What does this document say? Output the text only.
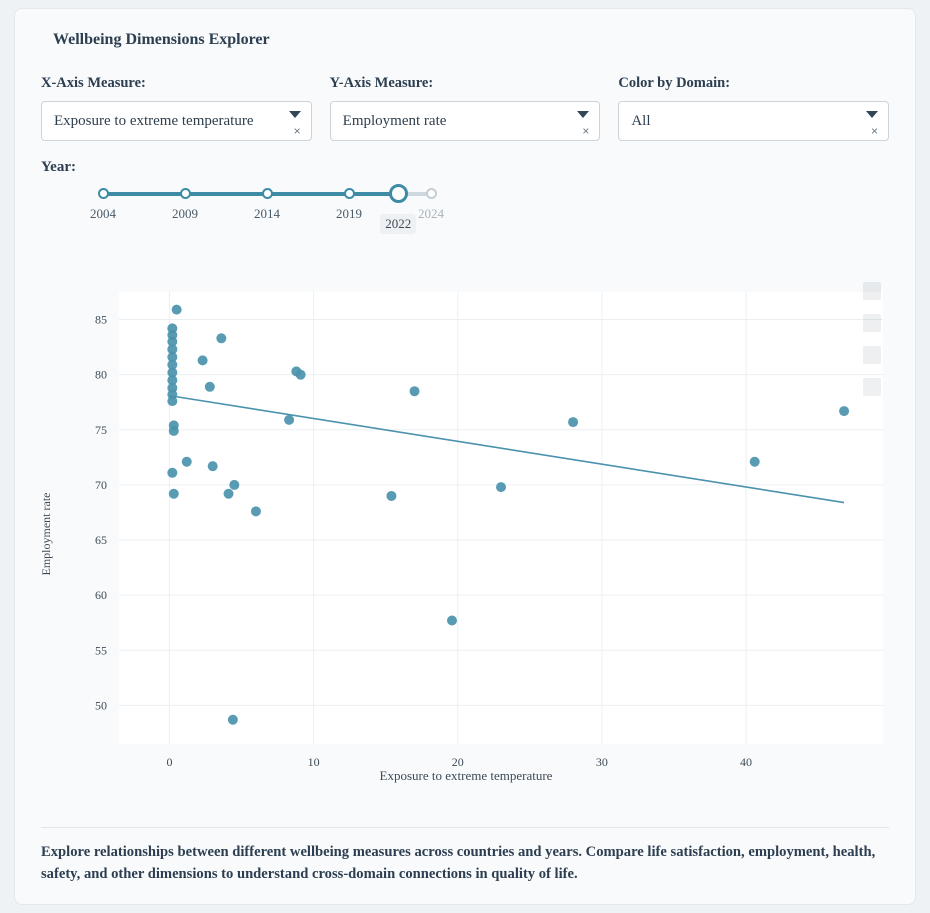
Wellbeing Dimensions Explorer
X-Axis Measure:
Exposure to extreme temperature
×
Y-Axis Measure:
Employment rate
×
Color by Domain:
All
×
Year:
2004	2009	2014	2019	2024
2022
50
55
60
65
70
75
80
85
0	10	20	30	40
Employment rate
Exposure to extreme temperature
Explore relationships between different wellbeing measures across countries and years. Compare life satisfaction, employment, health, safety, and other dimensions to understand cross-domain connections in quality of life.
